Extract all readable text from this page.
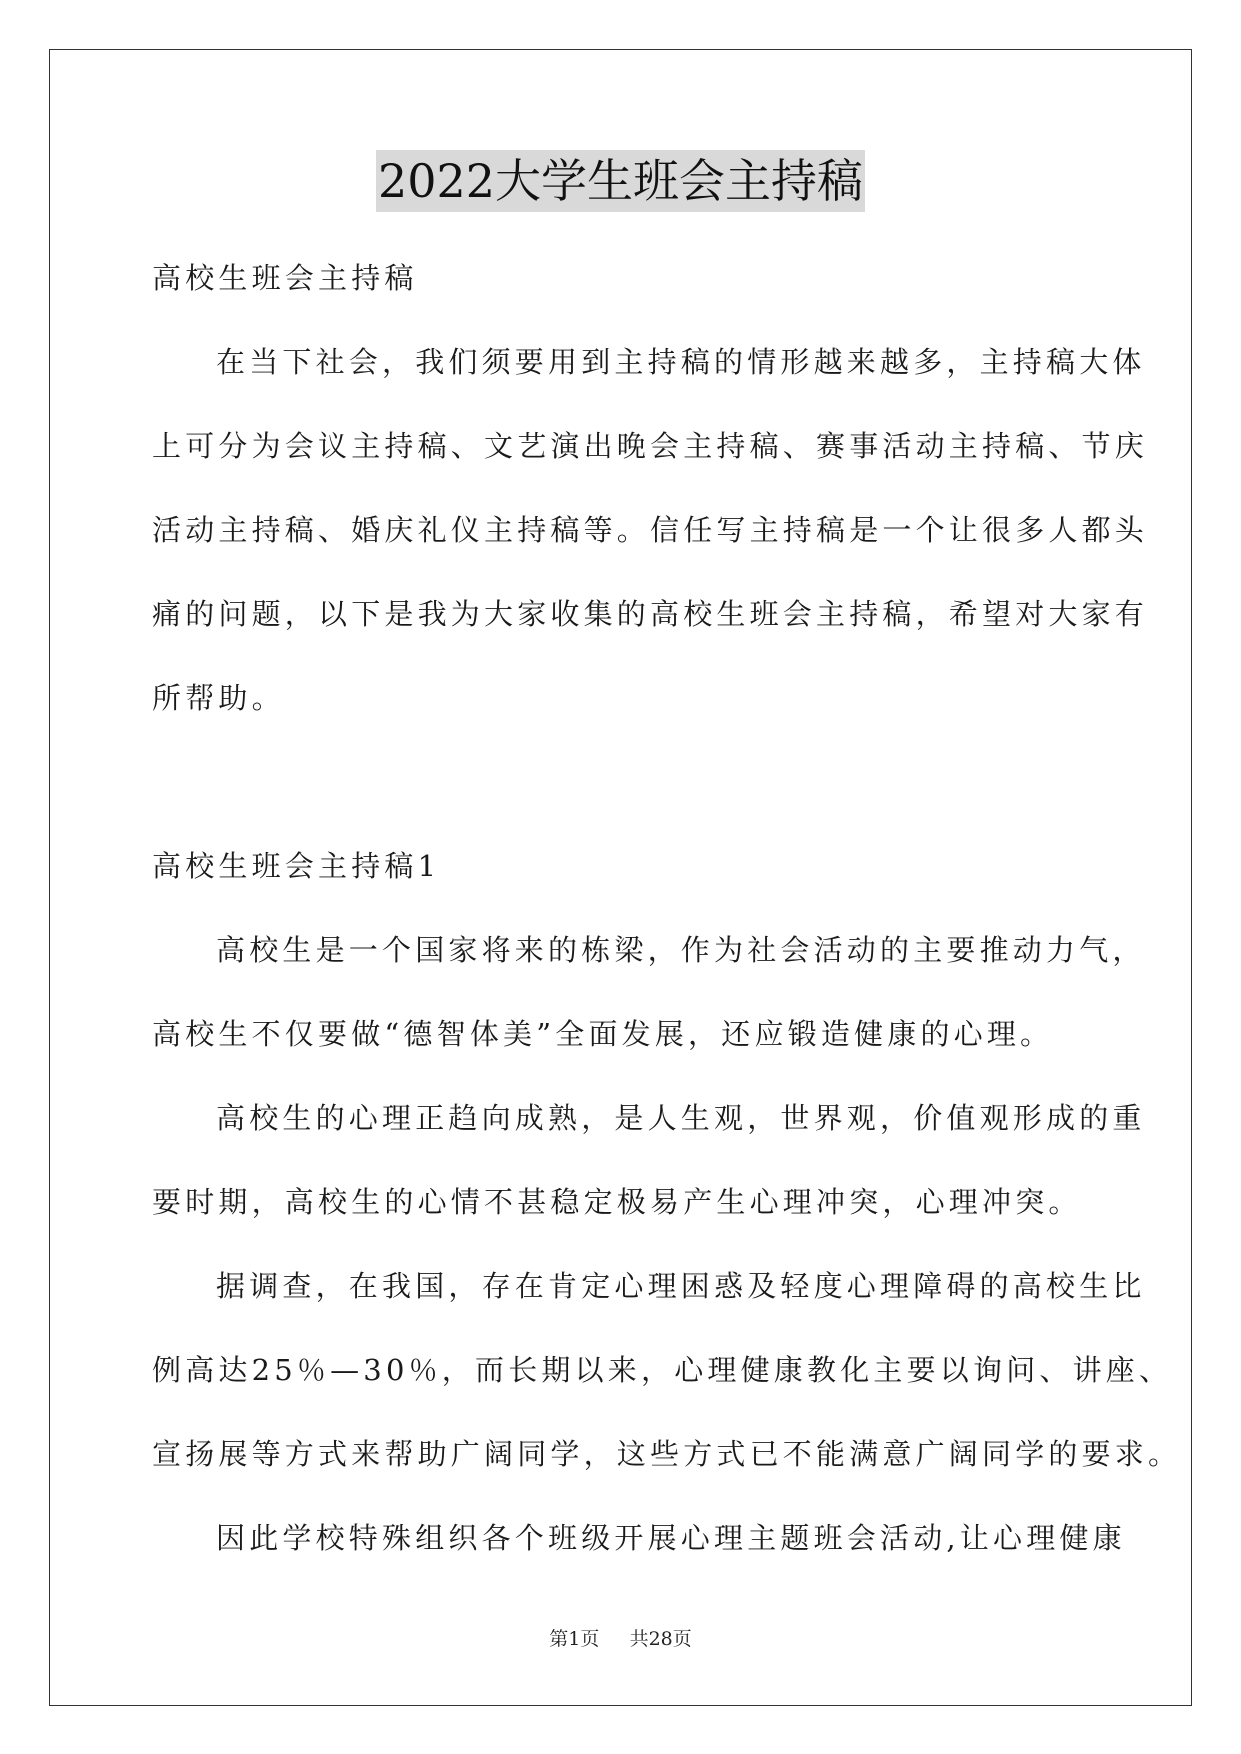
2022大学生班会主持稿
高校生班会主持稿
在当下社会，我们须要用到主持稿的情形越来越多，主持稿大体
上可分为会议主持稿、文艺演出晚会主持稿、赛事活动主持稿、节庆
活动主持稿、婚庆礼仪主持稿等。信任写主持稿是一个让很多人都头
痛的问题，以下是我为大家收集的高校生班会主持稿，希望对大家有
所帮助。
高校生班会主持稿1
高校生是一个国家将来的栋梁，作为社会活动的主要推动力气，
高校生不仅要做“德智体美”全面发展，还应锻造健康的心理。
高校生的心理正趋向成熟，是人生观，世界观，价值观形成的重
要时期，高校生的心情不甚稳定极易产生心理冲突，心理冲突。
据调查，在我国，存在肯定心理困惑及轻度心理障碍的高校生比
例高达25％—30％，而长期以来，心理健康教化主要以询问、讲座、
宣扬展等方式来帮助广阔同学，这些方式已不能满意广阔同学的要求。
因此学校特殊组织各个班级开展心理主题班会活动,让心理健康
第1页 共28页
